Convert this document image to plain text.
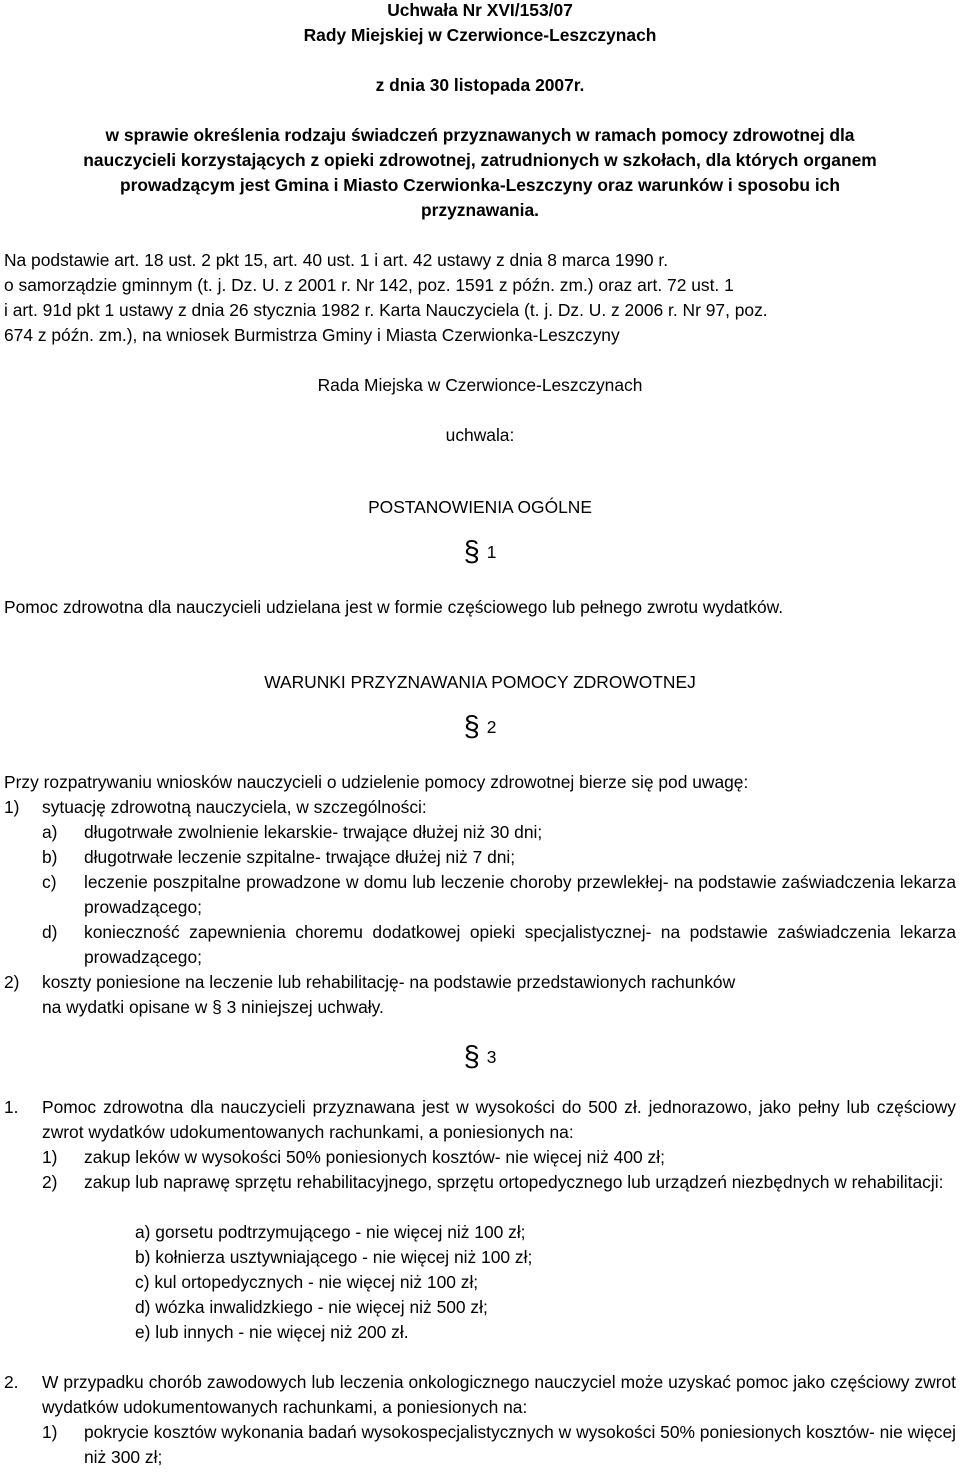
Uchwała Nr XVI/153/07
Rady Miejskiej w Czerwionce-Leszczynach
z dnia 30 listopada 2007r.
w sprawie określenia rodzaju świadczeń przyznawanych w ramach pomocy zdrowotnej dla nauczycieli korzystających z opieki zdrowotnej, zatrudnionych w szkołach, dla których organem prowadzącym jest Gmina i Miasto Czerwionka-Leszczyny oraz warunków i sposobu ich przyznawania.
Na podstawie art. 18 ust. 2 pkt 15, art. 40 ust. 1 i art. 42 ustawy z dnia 8 marca 1990 r.
o samorządzie gminnym (t. j. Dz. U. z 2001 r. Nr 142, poz. 1591 z późn. zm.) oraz art. 72 ust. 1
i art. 91d pkt 1 ustawy z dnia 26 stycznia 1982 r. Karta Nauczyciela (t. j. Dz. U. z 2006 r. Nr 97, poz.
674 z późn. zm.), na wniosek Burmistrza Gminy i Miasta Czerwionka-Leszczyny
Rada Miejska w Czerwionce-Leszczynach
uchwala:
POSTANOWIENIA OGÓLNE
§ 1
Pomoc zdrowotna dla nauczycieli udzielana jest w formie częściowego lub pełnego zwrotu wydatków.
WARUNKI PRZYZNAWANIA POMOCY ZDROWOTNEJ
§ 2
Przy rozpatrywaniu wniosków nauczycieli o udzielenie pomocy zdrowotnej bierze się pod uwagę:
1) sytuację zdrowotną nauczyciela, w szczególności:
a) długotrwałe zwolnienie lekarskie- trwające dłużej niż 30 dni;
b) długotrwałe leczenie szpitalne- trwające dłużej niż 7 dni;
c) leczenie poszpitalne prowadzone w domu lub leczenie choroby przewlekłej- na podstawie zaświadczenia lekarza prowadzącego;
d) konieczność zapewnienia choremu dodatkowej opieki specjalistycznej- na podstawie zaświadczenia lekarza prowadzącego;
2) koszty poniesione na leczenie lub rehabilitację- na podstawie przedstawionych rachunków
na wydatki opisane w § 3 niniejszej uchwały.
§ 3
1. Pomoc zdrowotna dla nauczycieli przyznawana jest w wysokości do 500 zł. jednorazowo, jako pełny lub częściowy zwrot wydatków udokumentowanych rachunkami, a poniesionych na:
1) zakup leków w wysokości 50% poniesionych kosztów- nie więcej niż 400 zł;
2) zakup lub naprawę sprzętu rehabilitacyjnego, sprzętu ortopedycznego lub urządzeń niezbędnych w rehabilitacji:
a) gorsetu podtrzymującego - nie więcej niż 100 zł;
b) kołnierza usztywniającego - nie więcej niż 100 zł;
c) kul ortopedycznych - nie więcej niż 100 zł;
d) wózka inwalidzkiego - nie więcej niż 500 zł;
e) lub innych - nie więcej niż 200 zł.
2. W przypadku chorób zawodowych lub leczenia onkologicznego nauczyciel może uzyskać pomoc jako częściowy zwrot wydatków udokumentowanych rachunkami, a poniesionych na:
1) pokrycie kosztów wykonania badań wysokospecjalistycznych w wysokości 50% poniesionych kosztów- nie więcej niż 300 zł;
